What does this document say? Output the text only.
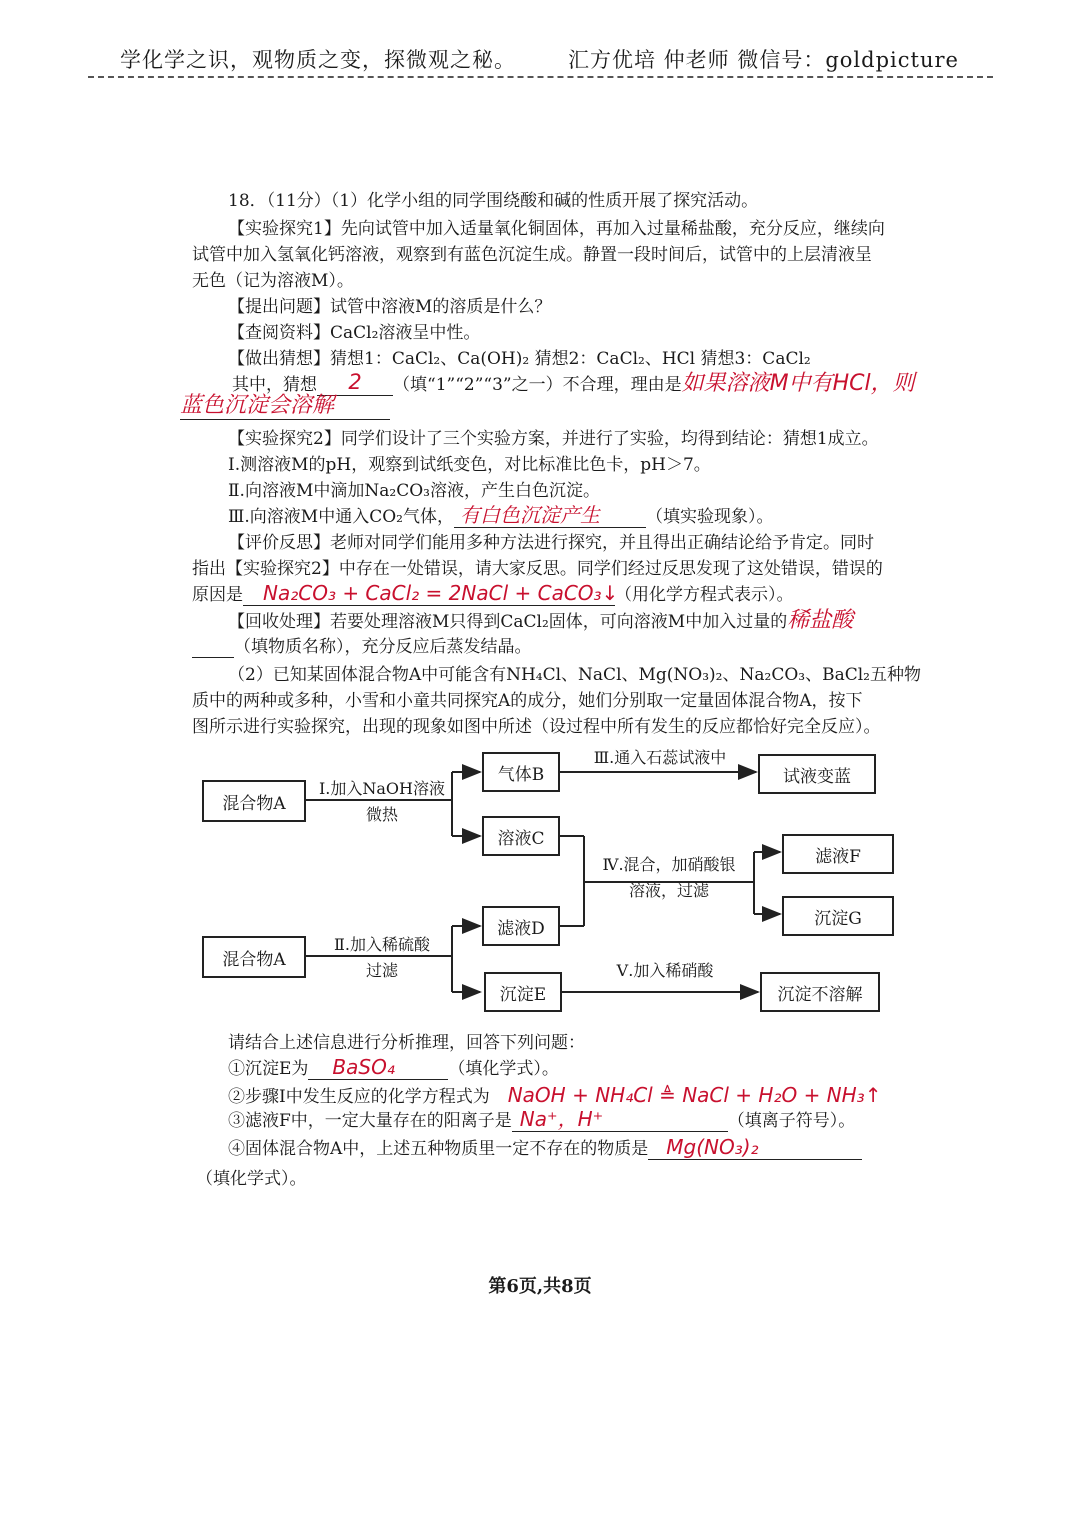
学化学之识，观物质之变，探微观之秘。 汇方优培 仲老师 微信号：goldpicture
18．（11分）（1）化学小组的同学围绕酸和碱的性质开展了探究活动。
【实验探究1】先向试管中加入适量氧化铜固体，再加入过量稀盐酸，充分反应，继续向
试管中加入氢氧化钙溶液，观察到有蓝色沉淀生成。静置一段时间后，试管中的上层清液呈
无色（记为溶液M）。
【提出问题】试管中溶液M的溶质是什么？
【查阅资料】CaCl₂溶液呈中性。
【做出猜想】猜想1：CaCl₂、Ca(OH)₂ 猜想2：CaCl₂、HCl 猜想3：CaCl₂
其中，猜想 2 （填“1”“2”“3”之一）不合理，理由是如果溶液M中有HCl，则
蓝色沉淀会溶解
【实验探究2】同学们设计了三个实验方案，并进行了实验，均得到结论：猜想1成立。
Ⅰ.测溶液M的pH，观察到试纸变色，对比标准比色卡，pH＞7。
Ⅱ.向溶液M中滴加Na₂CO₃溶液，产生白色沉淀。
Ⅲ.向溶液M中通入CO₂气体， 有白色沉淀产生	（填实验现象）。
【评价反思】老师对同学们能用多种方法进行探究，并且得出正确结论给予肯定。同时
指出【实验探究2】中存在一处错误，请大家反思。同学们经过反思发现了这处错误，错误的
原因是 Na₂CO₃ + CaCl₂ = 2NaCl + CaCO₃↓（用化学方程式表示）。
【回收处理】若要处理溶液M只得到CaCl₂固体，可向溶液M中加入过量的稀盐酸
（填物质名称），充分反应后蒸发结晶。
（2）已知某固体混合物A中可能含有NH₄Cl、NaCl、Mg(NO₃)₂、Na₂CO₃、BaCl₂五种物
质中的两种或多种，小雪和小童共同探究A的成分，她们分别取一定量固体混合物A，按下
图所示进行实验探究，出现的现象如图中所述（设过程中所有发生的反应都恰好完全反应）。
混合物A
Ⅰ.加入NaOH溶液
微热
气体B
Ⅲ.通入石蕊试液中
试液变蓝
溶液C
Ⅳ.混合，加硝酸银
溶液，过滤
滤液F
沉淀G
滤液D
混合物A
Ⅱ.加入稀硫酸
过滤
沉淀E
Ⅴ.加入稀硝酸
沉淀不溶解
请结合上述信息进行分析推理，回答下列问题：
①沉淀E为 BaSO₄	（填化学式）。
②步骤Ⅰ中发生反应的化学方程式为 NaOH + NH₄Cl ≜ NaCl + H₂O + NH₃↑
③滤液F中，一定大量存在的阳离子是 Na⁺，H⁺	（填离子符号）。
④固体混合物A中，上述五种物质里一定不存在的物质是 Mg(NO₃)₂
（填化学式）。
第6页,共8页
